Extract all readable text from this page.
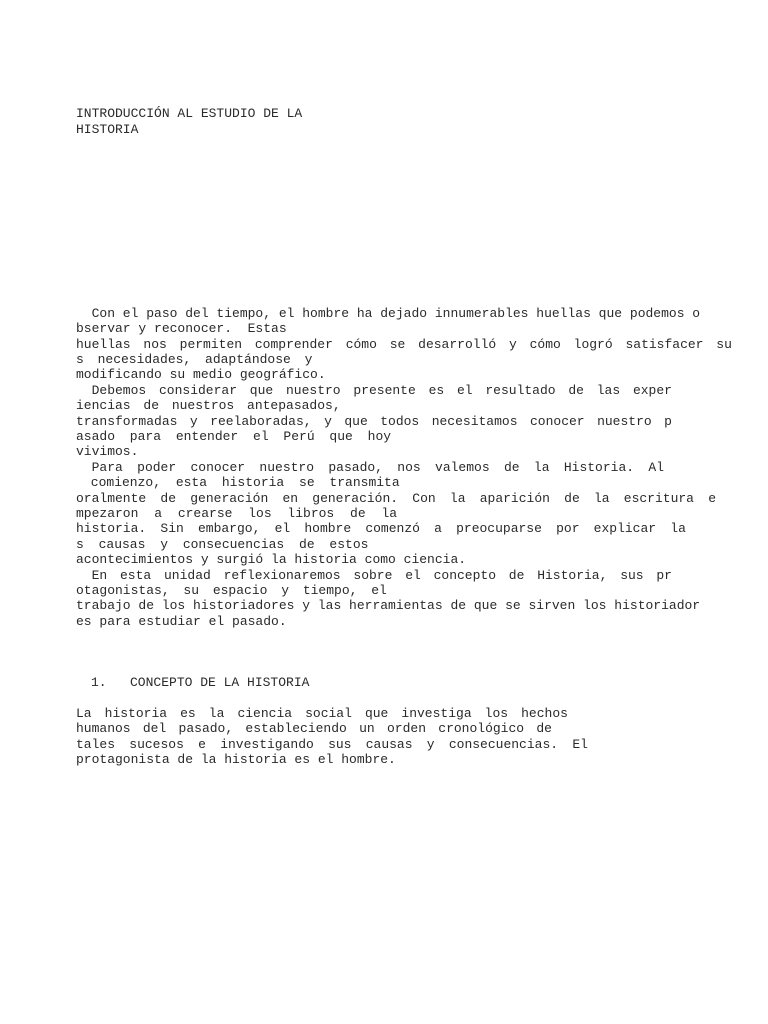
INTRODUCCIÓN AL ESTUDIO DE LA
HISTORIA
Con el paso del tiempo, el hombre ha dejado innumerables huellas que podemos o
bservar y reconocer.  Estas
huellas nos permiten comprender cómo se desarrolló y cómo logró satisfacer su
s necesidades, adaptándose y
modificando su medio geográfico.
Debemos considerar que nuestro presente es el resultado de las exper
iencias de nuestros antepasados,
transformadas y reelaboradas, y que todos necesitamos conocer nuestro p
asado para entender el Perú que hoy
vivimos.
Para poder conocer nuestro pasado, nos valemos de la Historia. Al
comienzo, esta historia se transmita
oralmente de generación en generación. Con la aparición de la escritura e
mpezaron a crearse los libros de la
historia. Sin embargo, el hombre comenzó a preocuparse por explicar la
s causas y consecuencias de estos
acontecimientos y surgió la historia como ciencia.
En esta unidad reflexionaremos sobre el concepto de Historia, sus pr
otagonistas, su espacio y tiempo, el
trabajo de los historiadores y las herramientas de que se sirven los historiador
es para estudiar el pasado.
1.   CONCEPTO DE LA HISTORIA
La historia es la ciencia social que investiga los hechos
humanos del pasado, estableciendo un orden cronológico de
tales sucesos e investigando sus causas y consecuencias. El
protagonista de la historia es el hombre.
